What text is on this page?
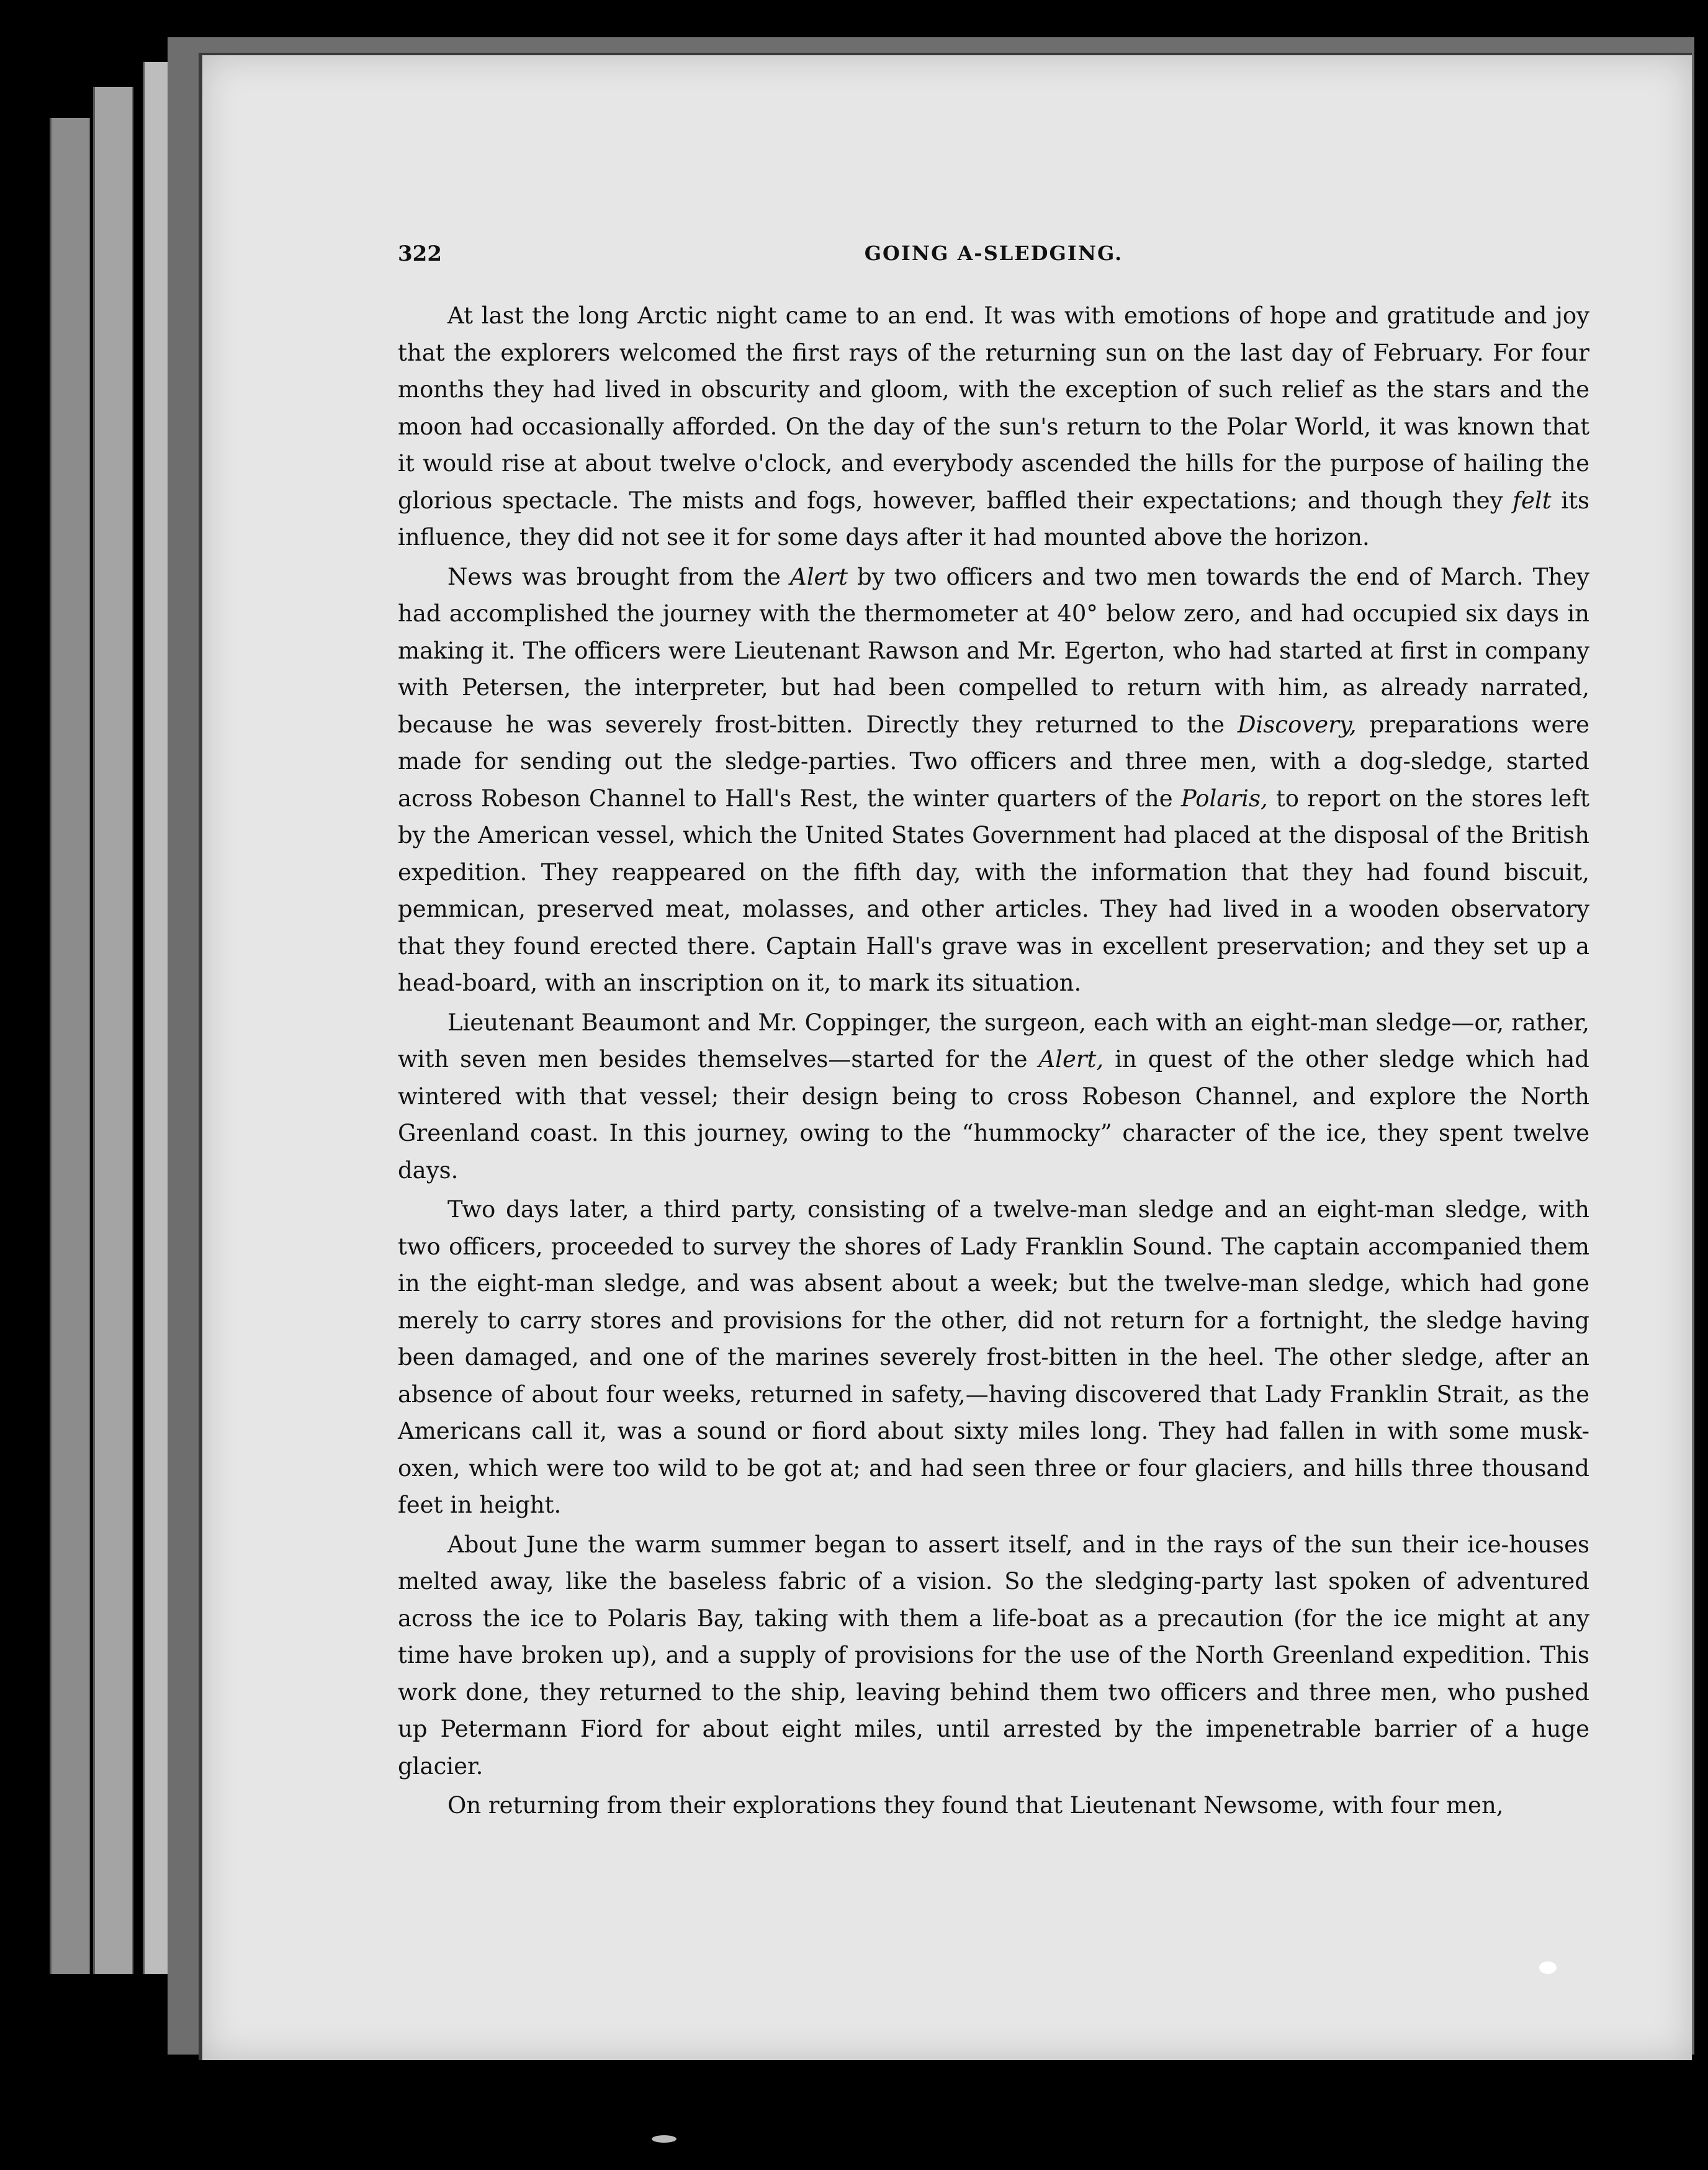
GOING A-SLEDGING.
322

At last the long Arctic night came to an end. It was with emotions of hope and gratitude and joy that the explorers welcomed the first rays of the returning sun on the last day of February. For four months they had lived in obscurity and gloom, with the exception of such relief as the stars and the moon had occasionally afforded. On the day of the sun's return to the Polar World, it was known that it would rise at about twelve o'clock, and everybody ascended the hills for the purpose of hailing the glorious spectacle. The mists and fogs, however, baffled their expectations; and though they felt its influence, they did not see it for some days after it had mounted above the horizon.

News was brought from the Alert by two officers and two men towards the end of March. They had accomplished the journey with the thermometer at 40° below zero, and had occupied six days in making it. The officers were Lieutenant Rawson and Mr. Egerton, who had started at first in company with Petersen, the interpreter, but had been compelled to return with him, as already narrated, because he was severely frost-bitten. Directly they returned to the Discovery, preparations were made for sending out the sledge-parties. Two officers and three men, with a dog-sledge, started across Robeson Channel to Hall's Rest, the winter quarters of the Polaris, to report on the stores left by the American vessel, which the United States Government had placed at the disposal of the British expedition. They reappeared on the fifth day, with the information that they had found biscuit, pemmican, preserved meat, molasses, and other articles. They had lived in a wooden observatory that they found erected there. Captain Hall's grave was in excellent preservation; and they set up a head-board, with an inscription on it, to mark its situation.

Lieutenant Beaumont and Mr. Coppinger, the surgeon, each with an eight-man sledge—or, rather, with seven men besides themselves—started for the Alert, in quest of the other sledge which had wintered with that vessel; their design being to cross Robeson Channel, and explore the North Greenland coast. In this journey, owing to the “hummocky” character of the ice, they spent twelve days.

Two days later, a third party, consisting of a twelve-man sledge and an eight-man sledge, with two officers, proceeded to survey the shores of Lady Franklin Sound. The captain accompanied them in the eight-man sledge, and was absent about a week; but the twelve-man sledge, which had gone merely to carry stores and provisions for the other, did not return for a fortnight, the sledge having been damaged, and one of the marines severely frost-bitten in the heel. The other sledge, after an absence of about four weeks, returned in safety,—having discovered that Lady Franklin Strait, as the Americans call it, was a sound or fiord about sixty miles long. They had fallen in with some musk-oxen, which were too wild to be got at; and had seen three or four glaciers, and hills three thousand feet in height.

About June the warm summer began to assert itself, and in the rays of the sun their ice-houses melted away, like the baseless fabric of a vision. So the sledging-party last spoken of adventured across the ice to Polaris Bay, taking with them a life-boat as a precaution (for the ice might at any time have broken up), and a supply of provisions for the use of the North Greenland expedition. This work done, they returned to the ship, leaving behind them two officers and three men, who pushed up Petermann Fiord for about eight miles, until arrested by the impenetrable barrier of a huge glacier.

On returning from their explorations they found that Lieutenant Newsome, with four men,
